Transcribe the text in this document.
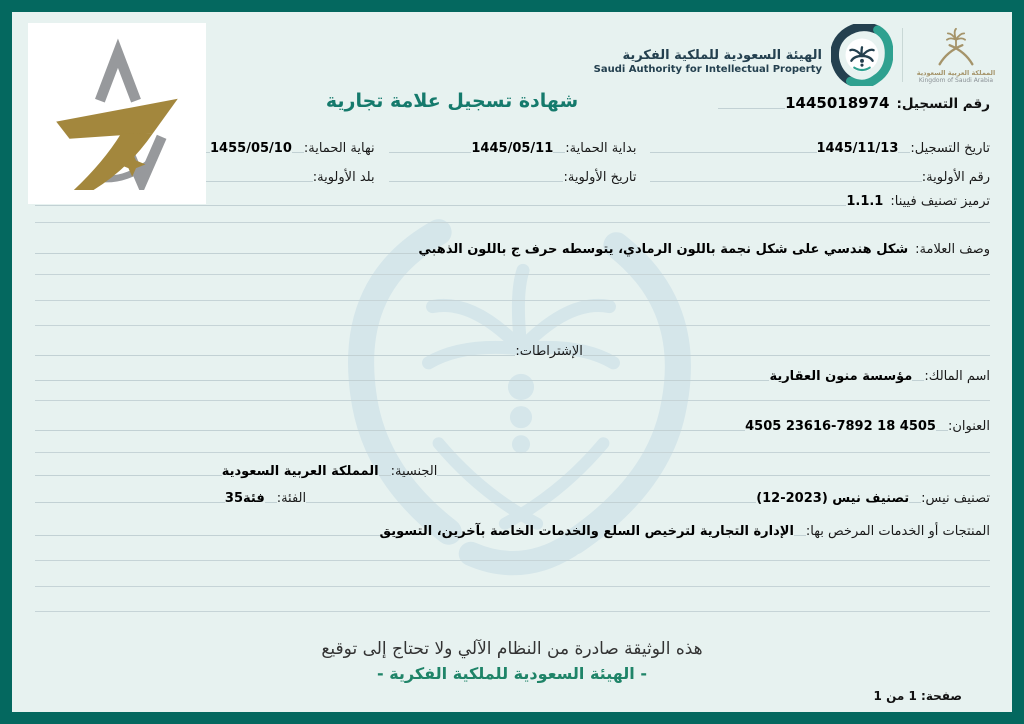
الهيئة السعودية للملكية الفكرية
Saudi Authority for Intellectual Property	المملكة العربية السعودية
Kingdom of Saudi Arabia
شهادة تسجيل علامة تجارية	رقم التسجيل:
1445018974
تاريخ التسجيل:
1445/11/13
بداية الحماية:
1445/05/11
نهاية الحماية:
1455/05/10
رقم الأولوية:
تاريخ الأولوية:
بلد الأولوية:
ترميز تصنيف فيينا:
1.1.1
وصف العلامة:
شكل هندسي على شكل نجمة باللون الرمادي، يتوسطه حرف ج باللون الذهبي
الإشتراطات:
اسم المالك:
مؤسسة منون العقارية
العنوان:
4505 23616-7892 18 4505
الجنسية:
المملكة العربية السعودية
تصنيف نيس:
تصنيف نيس (2023-12)
الفئة:
فئة35
المنتجات أو الخدمات المرخص بها:
الإدارة التجارية لترخيص السلع والخدمات الخاصة بآخرين، التسويق
هذه الوثيقة صادرة من النظام الآلي ولا تحتاج إلى توقيع
- الهيئة السعودية للملكية الفكرية -
صفحة: 1 من 1
